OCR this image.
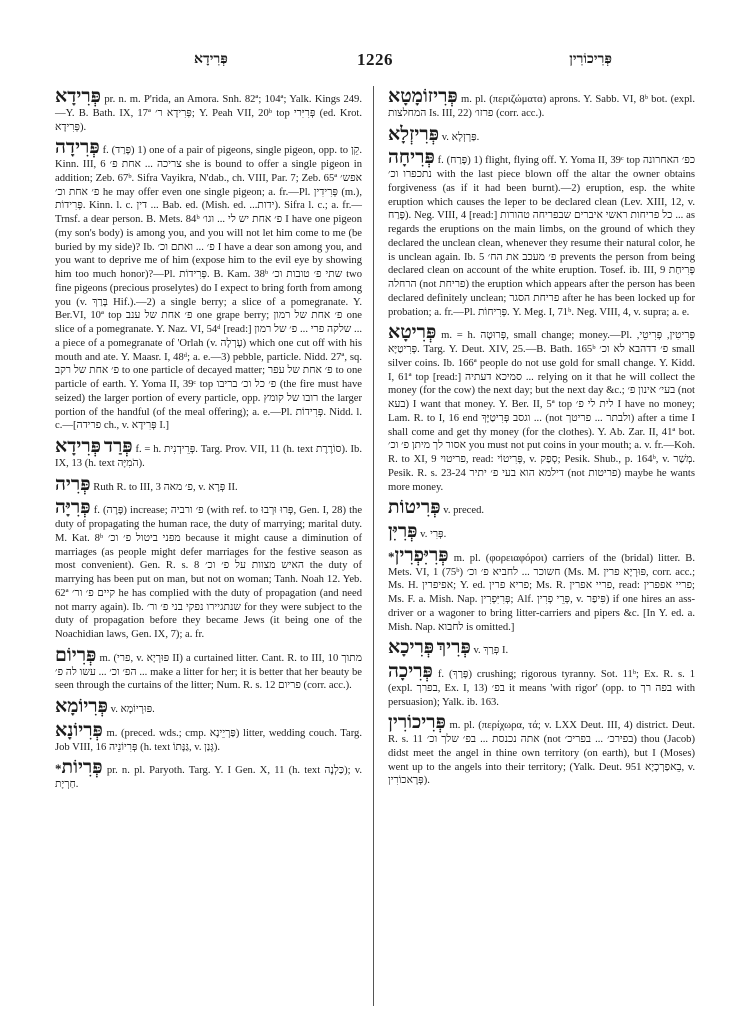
פְּרִידָא	1226	פְּרִיכוֹרִין

פְּרִידָא pr. n. m. P'rida, an Amora. Snh. 82ª; 104ª; Yalk. Kings 249.—Y. B. Bath. IX, 17ª פְּרִידָא ר׳; Y. Peah VII, 20ᵇ top פְּרִיִּרי (ed. Krot. פְּרִידָא).

פְּרִידָה f. (פָּרַד) 1) one of a pair of pigeons, single pigeon, opp. to קֵן. Kinn. III, 6 צריכה ... אחת פ׳ she is bound to offer a single pigeon in addition; Zeb. 67ᵇ. Sifra Vayikra, N'dab., ch. VIII, Par. 7; Zeb. 65ª אפש׳ פ׳ אחת וכ׳ he may offer even one single pigeon; a. fr.—Pl. פְּרִידִין (m.), פְּרִידוֹת. Kinn. l. c. דין ... Bab. ed. (Mish. ed. ...ידות). Sifra l. c.; a. fr.—Trnsf. a dear person. B. Mets. 84ᵇ פ׳ אחת יש לי ... וגו׳ I have one pigeon (my son's body) is among you, and you will not let him come to me (be buried by my side)? Ib. פ׳ ... ואתם וכ׳ I have a dear son among you, and you want to deprive me of him (expose him to the evil eye by showing him too much honor)?—Pl. פְּרִידוֹת. B. Kam. 38ᵇ שתי פ׳ טובות וכ׳ two fine pigeons (precious proselytes) do I expect to bring forth from among you (v. בָּרַךְ Hif.).—2) a single berry; a slice of a pomegranate. Y. Ber.VI, 10ª top פ׳ אחת של ענב one grape berry; פ׳ אחת של רמון one slice of a pomegranate. Y. Naz. VI, 54ᵈ [read:] שלקה פרי ... פ׳ של רמון ... a piece of a pomegranate of 'Orlah (v. עָרְלָה) which one cut off with his mouth and ate. Y. Maasr. I, 48ᵈ; a. e.—3) pebble, particle. Nidd. 27ª, sq. פ׳ אחת של רקב to one particle of decayed matter; פ׳ אחת של עפר to one particle of earth. Y. Yoma II, 39ᶜ top פ׳ כל וכ׳ בריבו (the fire must have seized) the larger portion of every particle, opp. רובו של קומץ the larger portion of the handful (of the meal offering); a. e.—Pl. פְּרִידוֹת. Nidd. l. c.—[פרידה ch., v. פְּרִידָא I.]

פְּרִידָא פְּרַד f. = h. פְּרֵידְנִית. Targ. Prov. VII, 11 (h. text סוֹרֶרֶת). Ib. IX, 13 (h. text הֹמִיָּה).

פְּרִיה Ruth R. to III, 3 פ׳ מאה, v. פְּרָא II.

פְּרִיָּה f. (פָּרָה) increase; פ׳ ורביה (with ref. to פְּרוּ וּרְבוּ, Gen. I, 28) the duty of propagating the human race, the duty of marrying; marital duty. M. Kat. 8ᵇ מפני ביטול פ׳ וכ׳ because it might cause a diminution of marriages (as people might defer marriages for the festive season as most convenient). Gen. R. s. 8 האיש מצוות על פ׳ וכ׳ the duty of marrying has been put on man, but not on woman; Tanh. Noah 12. Yeb. 62ª קיים פ׳ ור׳ he has complied with the duty of propagation (and need not marry again). Ib. שנתגיירו נפקי בני פ׳ ור׳ for they were subject to the duty of propagation before they became Jews (it being one of the Noachidian laws, Gen. IX, 7); a. fr.

פְּרִיוֹם m. (פרי, v. פּוּרְיָא II) a curtained litter. Cant. R. to III, 10 מתוך הפ׳ וכ׳ ... עשו לה פ׳ ... make a litter for her; it is better that her beauty be seen through the curtains of the litter; Num. R. s. 12 פריום (corr. acc.).

פְּרִיוֹמָא v. פּוּרְיוֹמָא.

פְּרִיוֹנָא m. (preced. wds.; cmp. פַּרְיֵינָא) litter, wedding couch. Targ. Job VIII, 16 פְּרִיוֹנֵיה (h. text גַּנָּתוֹ, v. גְּנַן).

*פְּרִיוֹת pr. n. pl. Paryoth. Targ. Y. I Gen. X, 11 (h. text כַּלְנֶה); v. חַרְיָת.

פְּרִיזוֹמָטָא m. pl. (περιζώματα) aprons. Y. Sabb. VI, 8ᵇ bot. (expl. המחלצות Is. III, 22) פרזו׳ (corr. acc.).

פְּרִיזְלָא v. פַּרְזְלָא.

פְּרִיחָה f. (פָּרַח) 1) flight, flying off. Y. Yoma II, 39ᶜ top כפ׳ האחרונה נתכפרו וכ׳ with the last piece blown off the altar the owner obtains forgiveness (as if it had been burnt).—2) eruption, esp. the white eruption which causes the leper to be declared clean (Lev. XIII, 12, v. פָּרַח). Neg. VIII, 4 [read:] כל פריחות ראשי איברים שבפריחה טהורות ... as regards the eruptions on the main limbs, on the ground of which they declared the unclean clean, whenever they resume their natural color, he is unclean again. Ib. 5 פ׳ מעכב את הח׳ prevents the person from being declared clean on account of the white eruption. Tosef. ib. III, 9 פְּרִיחַת הרחלה (not פריחת) the eruption which appears after the person has been declared definitely unclean; פריחת הסגר after he has been locked up for probation; a. fr.—Pl. פְּרִיחוֹת. Y. Meg. I, 71ᵇ. Neg. VIII, 4, v. supra; a. e.

פְּרִיטָא m. = h. פְּרוּטָה, small change; money.—Pl. פְּרִיטִין, פְּרִיטֵי, פְּרִיטַיָּא. Targ. Y. Deut. XIV, 25.—B. Bath. 165ᵇ פ׳ דדהבא לא וכ׳ small silver coins. Ib. 166ª people do not use gold for small change. Y. Kidd. I, 61ª top [read:] סמיכא דעתיה ... relying on it that he will collect the money (for the cow) the next day; but the next day &c.; בעי׳ אינון פ׳ (not בעא) I want that money. Y. Ber. II, 5ª top לית לי פ׳ I have no money; Lam. R. to I, 16 end וגסב פְּרִיטַיָּךְ ... (not ולבתר ... פריטך) after a time I shall come and get thy money (for the clothes). Y. Ab. Zar. II, 41ª bot. אסור לך מיתן פ׳ וכ׳ you must not put coins in your mouth; a. v. fr.—Koh. R. to XI, 9 פריטוי, read: פְּרִיטוֹי, v. סְפַק; Pesik. Shub., p. 164ᵇ, v. מְשַׁר. Pesik. R. s. 23-24 דילמא הוא בעי פ׳ יתיר (not פריטות) maybe he wants more money.

פְּרִיטוֹת v. preced.

פְּרִיִּן v. פְּרִי.

*פְּרִיִּפְרִין m. pl. (φορειαφόροι) carriers of the (bridal) litter. B. Mets. VI, 1 (75ᵇ) חשוכר ... לחביא פ׳ וכ׳ (Ms. M. פּוּרְיָא פרין, corr. acc.; Ms. H. אפיפרין; Y. ed. פריא פרין; Ms. R. פריי אפרין, read: פריי אפפרין; Ms. F. a. Mish. Nap. פְּרִיִּפְרִין; Alf. פְּרֵי פְרִין, v. פִּיפַר) if one hires an ass-driver or a wagoner to bring litter-carriers and pipers &c. [In Y. ed. a. Mish. Nap. לחבוא is omitted.]

פְּרִיכָא פְּרִיךְ v. פְּרַךְ I.

פְּרִיכָה f. (פָּרַךְ) crushing; rigorous tyranny. Sot. 11ᵇ; Ex. R. s. 1 (expl. בפרך, Ex. I, 13) בפ׳ it means 'with rigor' (opp. to בפה רך with persuasion); Yalk. ib. 163.

פְּרִיכוֹרִין m. pl. (περίχωρα, τά; v. LXX Deut. III, 4) district. Deut. R. s. 11 אתה נכנסת ... בפ׳ שלך וכ׳ (not בפירכ׳ ... בפריכ׳) thou (Jacob) didst meet the angel in thine own territory (on earth), but I (Moses) went up to the angels into their territory; (Yalk. Deut. 951 בֵאפַרְכְיָא, v. פְּרָאכוֹרִין).
